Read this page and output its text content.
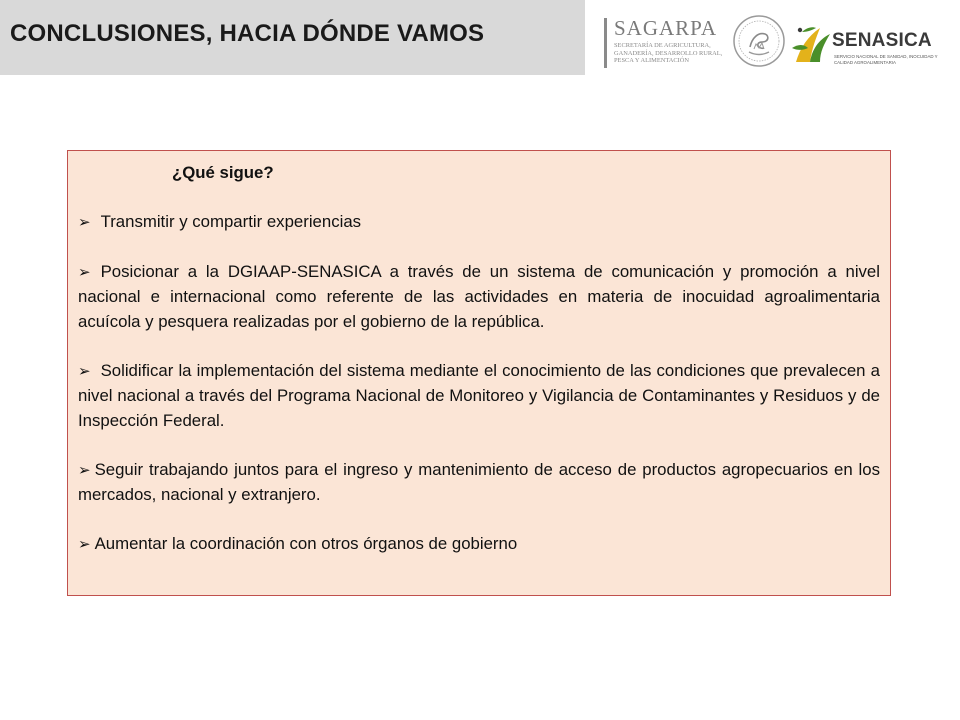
CONCLUSIONES, HACIA DÓNDE VAMOS	SAGARPA
SECRETARÍA DE AGRICULTURA, GANADERÍA, DESARROLLO RURAL, PESCA Y ALIMENTACIÓN
SENASICA
SERVICIO NACIONAL DE SANIDAD, INOCUIDAD Y CALIDAD AGROALIMENTARIA
¿Qué sigue?
➢ Transmitir y compartir experiencias
➢ Posicionar a la DGIAAP-SENASICA a través de un sistema de comunicación y promoción a nivel nacional e internacional como referente de las actividades en materia de inocuidad agroalimentaria acuícola y pesquera realizadas por el gobierno de la república.
➢ Solidificar la implementación del sistema mediante el conocimiento de las condiciones que prevalecen a nivel nacional a través del Programa Nacional de Monitoreo y Vigilancia de Contaminantes y Residuos y de Inspección Federal.
➢ Seguir trabajando juntos para el ingreso y mantenimiento de acceso de productos agropecuarios en los mercados, nacional y extranjero.
➢ Aumentar la coordinación con otros órganos de gobierno
